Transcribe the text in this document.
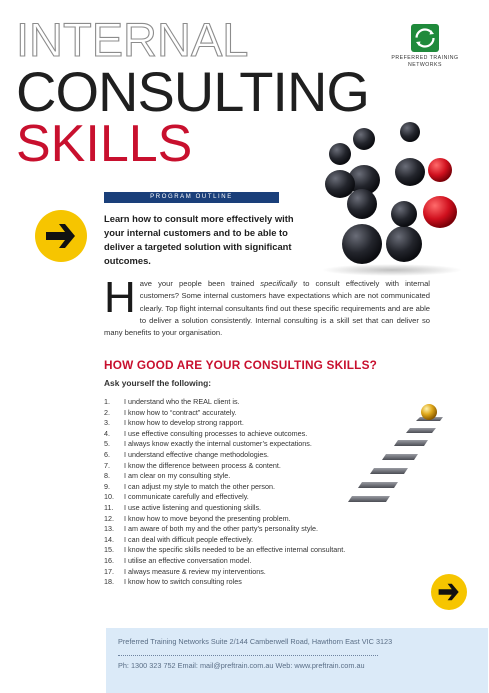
INTERNAL
CONSULTING
SKILLS
PREFERRED TRAINING
NETWORKS
PROGRAM OUTLINE

Learn how to consult more effectively with your internal customers and to be able to deliver a targeted solution with significant outcomes.

Have your people been trained specifically to consult effectively with internal customers? Some internal customers have expectations which are not communicated clearly. Top flight internal consultants find out these specific requirements and are able to deliver a solution consistently. Internal consulting is a skill set that can deliver so many benefits to your organisation.

HOW GOOD ARE YOUR CONSULTING SKILLS?

Ask yourself the following:

1. I understand who the REAL client is.
2. I know how to “contract” accurately.
3. I know how to develop strong rapport.
4. I use effective consulting processes to achieve outcomes.
5. I always know exactly the internal customer’s expectations.
6. I understand effective change methodologies.
7. I know the difference between process & content.
8. I am clear on my consulting style.
9. I can adjust my style to match the other person.
10. I communicate carefully and effectively.
11. I use active listening and questioning skills.
12. I know how to move beyond the presenting problem.
13. I am aware of both my and the other party’s personality style.
14. I can deal with difficult people effectively.
15. I know the specific skills needed to be an effective internal consultant.
16. I utilise an effective conversation model.
17. I always measure & review my interventions.
18. I know how to switch consulting roles
Preferred Training Networks Suite 2/144 Camberwell Road, Hawthorn East VIC 3123
Ph: 1300 323 752 Email: mail@preftrain.com.au Web: www.preftrain.com.au
